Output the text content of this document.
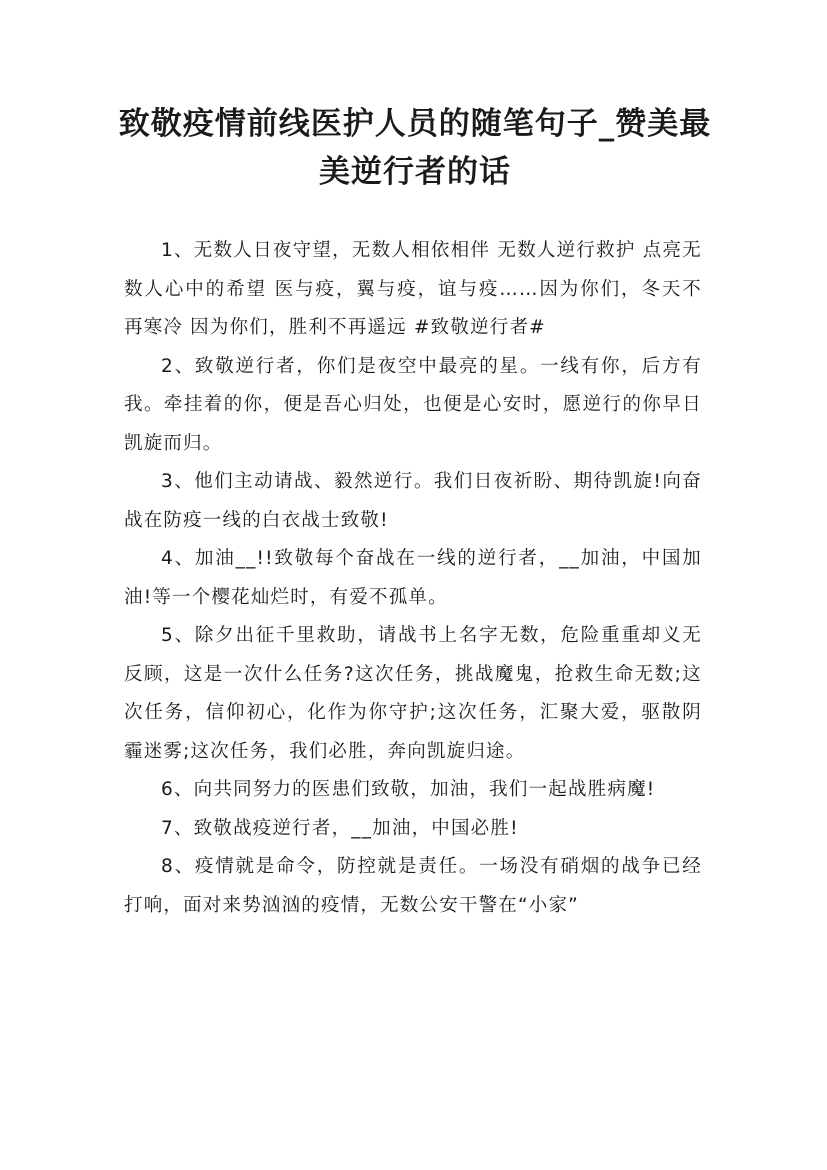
致敬疫情前线医护人员的随笔句子_赞美最美逆行者的话

1、无数人日夜守望，无数人相依相伴 无数人逆行救护 点亮无数人心中的希望 医与疫，翼与疫，谊与疫……因为你们，冬天不再寒冷 因为你们，胜利不再遥远 #致敬逆行者#

2、致敬逆行者，你们是夜空中最亮的星。一线有你，后方有我。牵挂着的你，便是吾心归处，也便是心安时，愿逆行的你早日凯旋而归。

3、他们主动请战、毅然逆行。我们日夜祈盼、期待凯旋!向奋战在防疫一线的白衣战士致敬!

4、加油__!!致敬每个奋战在一线的逆行者，__加油，中国加油!等一个樱花灿烂时，有爱不孤单。

5、除夕出征千里救助，请战书上名字无数，危险重重却义无反顾，这是一次什么任务?这次任务，挑战魔鬼，抢救生命无数;这次任务，信仰初心，化作为你守护;这次任务，汇聚大爱，驱散阴霾迷雾;这次任务，我们必胜，奔向凯旋归途。

6、向共同努力的医患们致敬，加油，我们一起战胜病魔!

7、致敬战疫逆行者，__加油，中国必胜!

8、疫情就是命令，防控就是责任。一场没有硝烟的战争已经打响，面对来势汹汹的疫情，无数公安干警在“小家”
